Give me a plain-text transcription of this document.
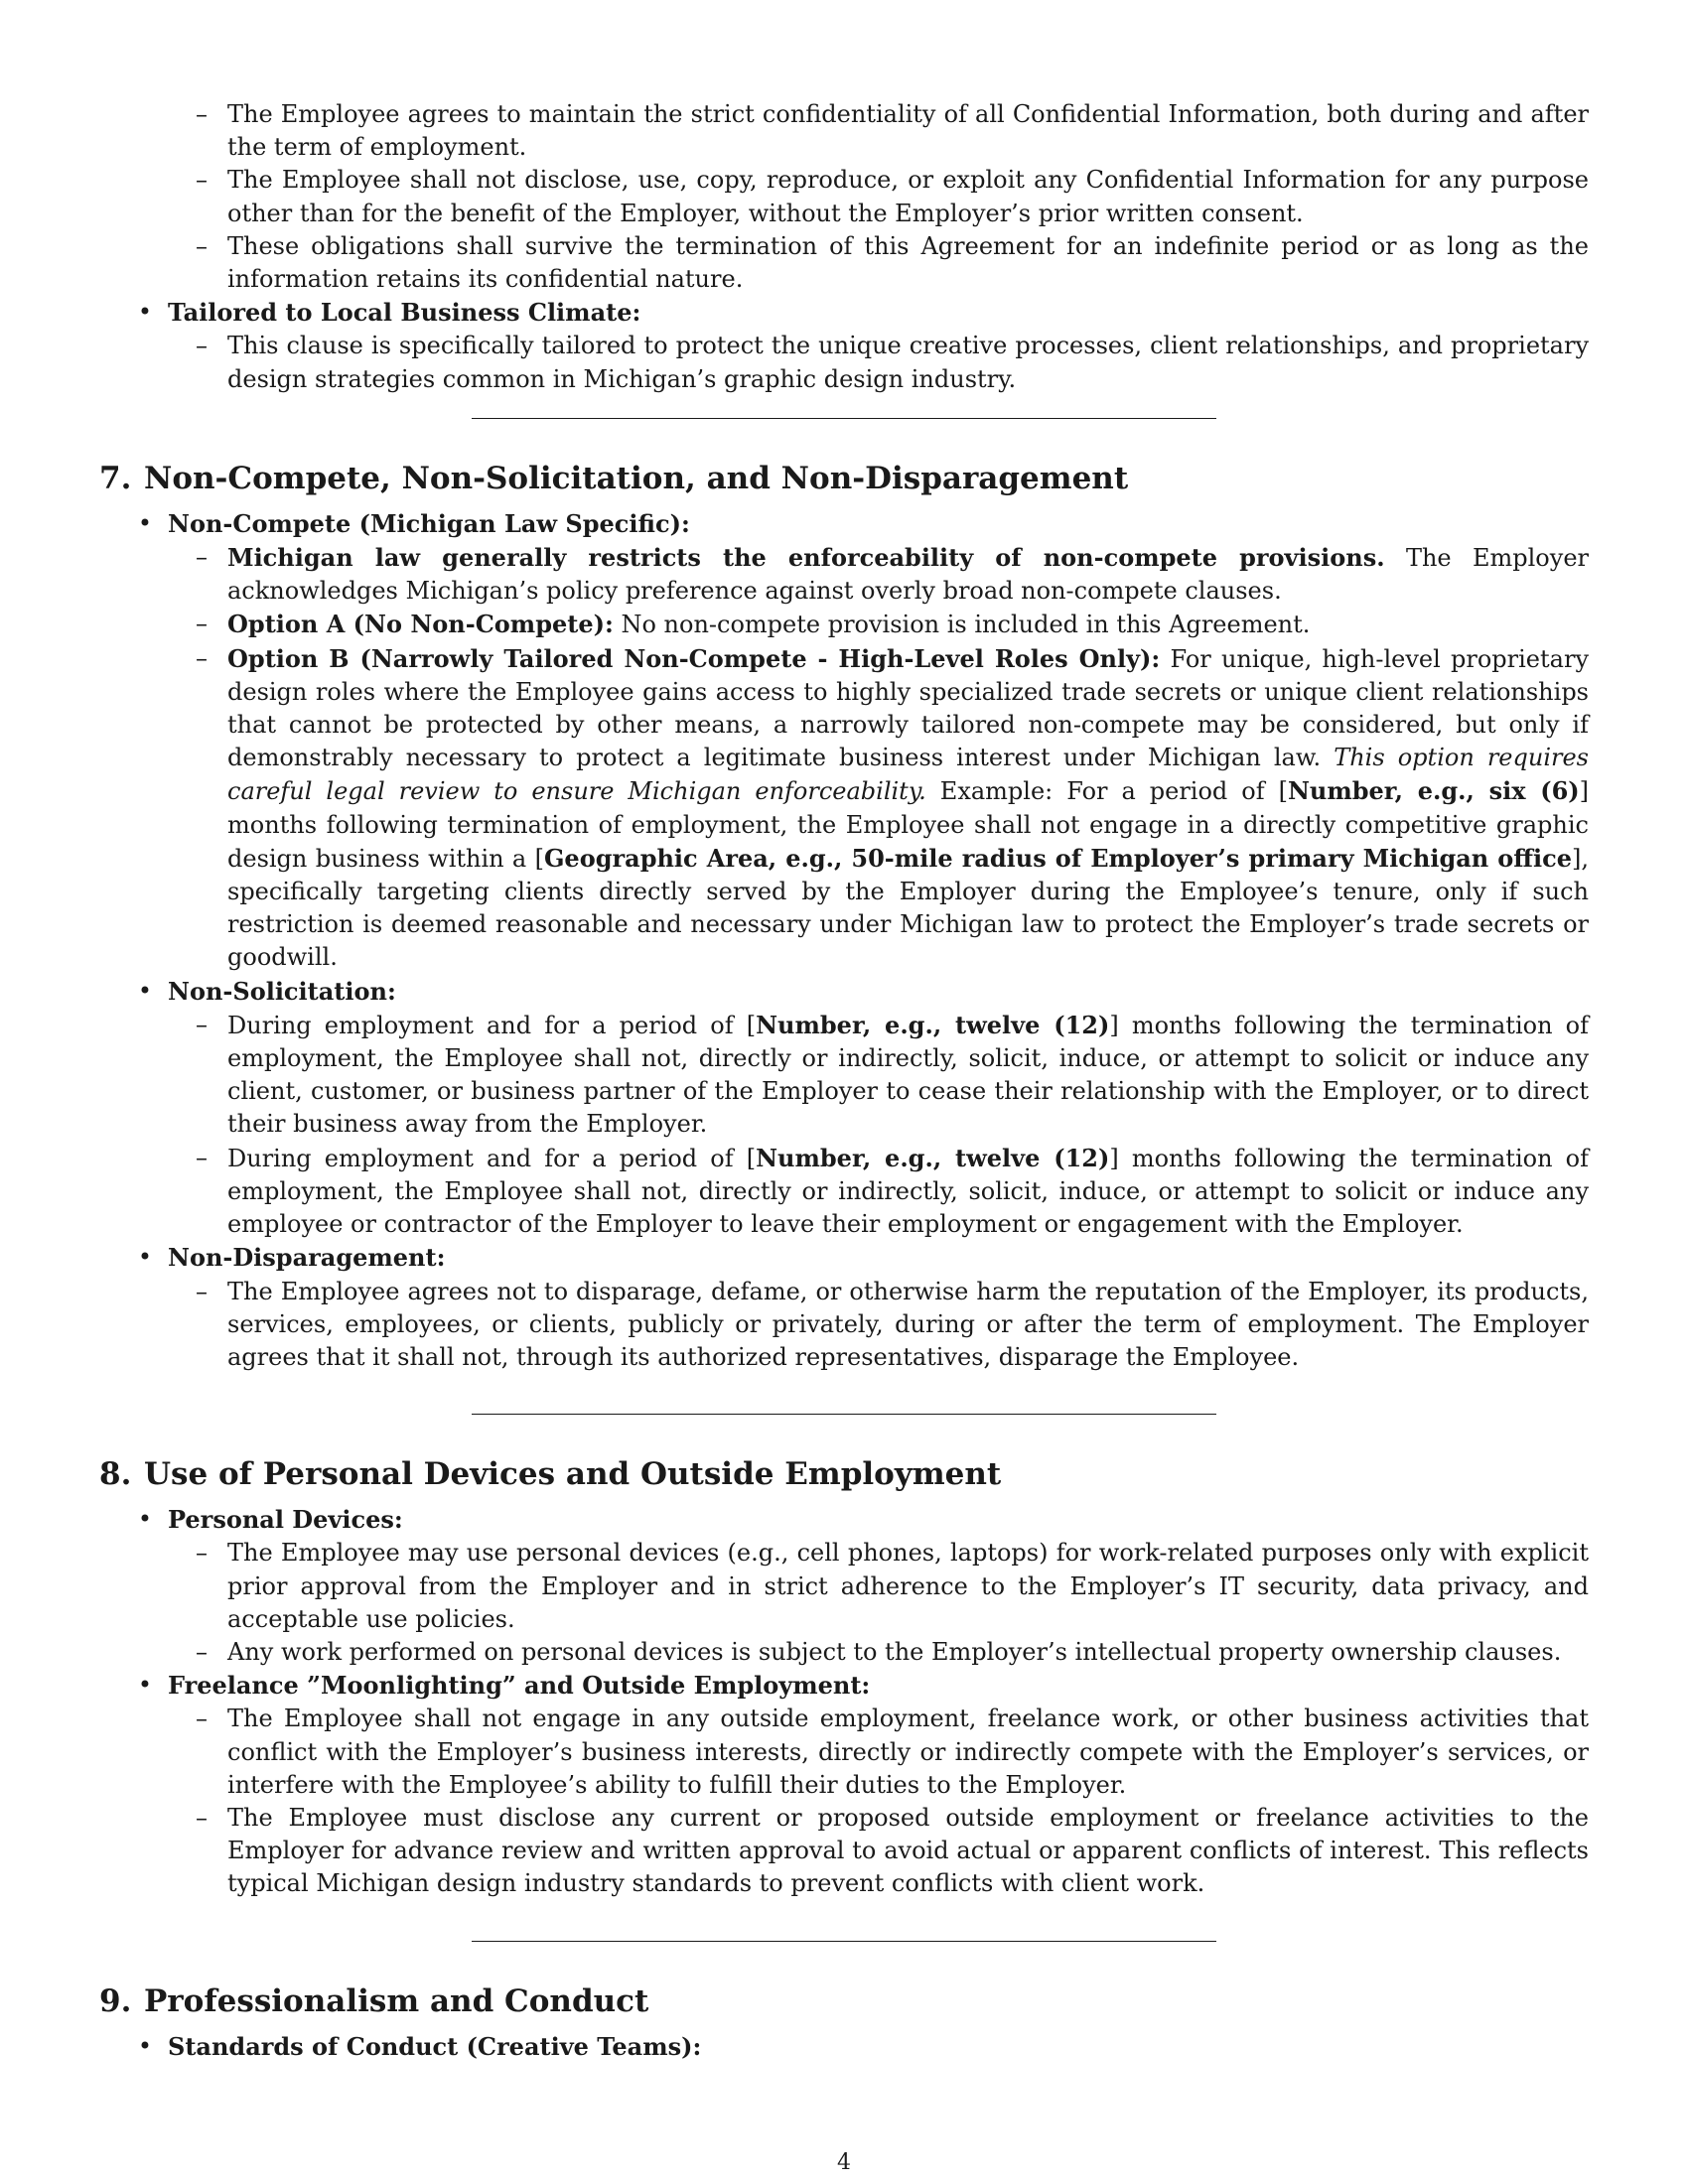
– The Employee agrees to maintain the strict confidentiality of all Confidential Information, both during and after the term of employment.
– The Employee shall not disclose, use, copy, reproduce, or exploit any Confidential Information for any purpose other than for the benefit of the Employer, without the Employer’s prior written consent.
– These obligations shall survive the termination of this Agreement for an indefinite period or as long as the information retains its confidential nature.
• Tailored to Local Business Climate:
– This clause is specifically tailored to protect the unique creative processes, client relationships, and proprietary design strategies common in Michigan’s graphic design industry.
7. Non-Compete, Non-Solicitation, and Non-Disparagement
• Non-Compete (Michigan Law Specific):
– Michigan law generally restricts the enforceability of non-compete provisions. The Employer acknowledges Michigan’s policy preference against overly broad non-compete clauses.
– Option A (No Non-Compete): No non-compete provision is included in this Agreement.
– Option B (Narrowly Tailored Non-Compete - High-Level Roles Only): For unique, high-level proprietary design roles where the Employee gains access to highly specialized trade secrets or unique client relationships that cannot be protected by other means, a narrowly tailored non-compete may be considered, but only if demonstrably necessary to protect a legitimate business interest under Michigan law. This option requires careful legal review to ensure Michigan enforceability. Example: For a period of [Number, e.g., six (6)] months following termination of employment, the Employee shall not engage in a directly competitive graphic design business within a [Geographic Area, e.g., 50-mile radius of Employer’s primary Michigan office], specifically targeting clients directly served by the Employer during the Employee’s tenure, only if such restriction is deemed reasonable and necessary under Michigan law to protect the Employer’s trade secrets or goodwill.
• Non-Solicitation:
– During employment and for a period of [Number, e.g., twelve (12)] months following the termination of employment, the Employee shall not, directly or indirectly, solicit, induce, or attempt to solicit or induce any client, customer, or business partner of the Employer to cease their relationship with the Employer, or to direct their business away from the Employer.
– During employment and for a period of [Number, e.g., twelve (12)] months following the termination of employment, the Employee shall not, directly or indirectly, solicit, induce, or attempt to solicit or induce any employee or contractor of the Employer to leave their employment or engagement with the Employer.
• Non-Disparagement:
– The Employee agrees not to disparage, defame, or otherwise harm the reputation of the Employer, its products, services, employees, or clients, publicly or privately, during or after the term of employment. The Employer agrees that it shall not, through its authorized representatives, disparage the Employee.
8. Use of Personal Devices and Outside Employment
• Personal Devices:
– The Employee may use personal devices (e.g., cell phones, laptops) for work-related purposes only with explicit prior approval from the Employer and in strict adherence to the Employer’s IT security, data privacy, and acceptable use policies.
– Any work performed on personal devices is subject to the Employer’s intellectual property ownership clauses.
• Freelance ”Moonlighting” and Outside Employment:
– The Employee shall not engage in any outside employment, freelance work, or other business activities that conflict with the Employer’s business interests, directly or indirectly compete with the Employer’s services, or interfere with the Employee’s ability to fulfill their duties to the Employer.
– The Employee must disclose any current or proposed outside employment or freelance activities to the Employer for advance review and written approval to avoid actual or apparent conflicts of interest. This reflects typical Michigan design industry standards to prevent conflicts with client work.
9. Professionalism and Conduct
• Standards of Conduct (Creative Teams):
4
